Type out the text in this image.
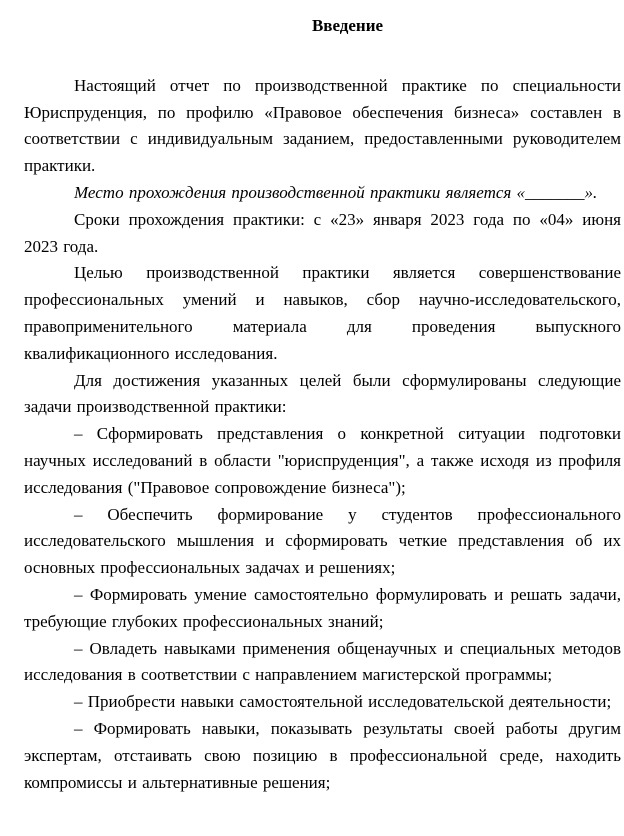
Введение

Настоящий отчет по производственной практике по специальности Юриспруденция, по профилю «Правовое обеспечения бизнеса» составлен в соответствии с индивидуальным заданием, предоставленными руководителем практики.

Место прохождения производственной практики является «_______».

Сроки прохождения практики: с «23» января 2023 года по «04» июня 2023 года.

Целью производственной практики является совершенствование профессиональных умений и навыков, сбор научно-исследовательского, правоприменительного материала для проведения выпускного квалификационного исследования.

Для достижения указанных целей были сформулированы следующие задачи производственной практики:

– Сформировать представления о конкретной ситуации подготовки научных исследований в области "юриспруденция", а также исходя из профиля исследования ("Правовое сопровождение бизнеса");

– Обеспечить формирование у студентов профессионального исследовательского мышления и сформировать четкие представления об их основных профессиональных задачах и решениях;

– Формировать умение самостоятельно формулировать и решать задачи, требующие глубоких профессиональных знаний;

– Овладеть навыками применения общенаучных и специальных методов исследования в соответствии с направлением магистерской программы;

– Приобрести навыки самостоятельной исследовательской деятельности;

– Формировать навыки, показывать результаты своей работы другим экспертам, отстаивать свою позицию в профессиональной среде, находить компромиссы и альтернативные решения;
